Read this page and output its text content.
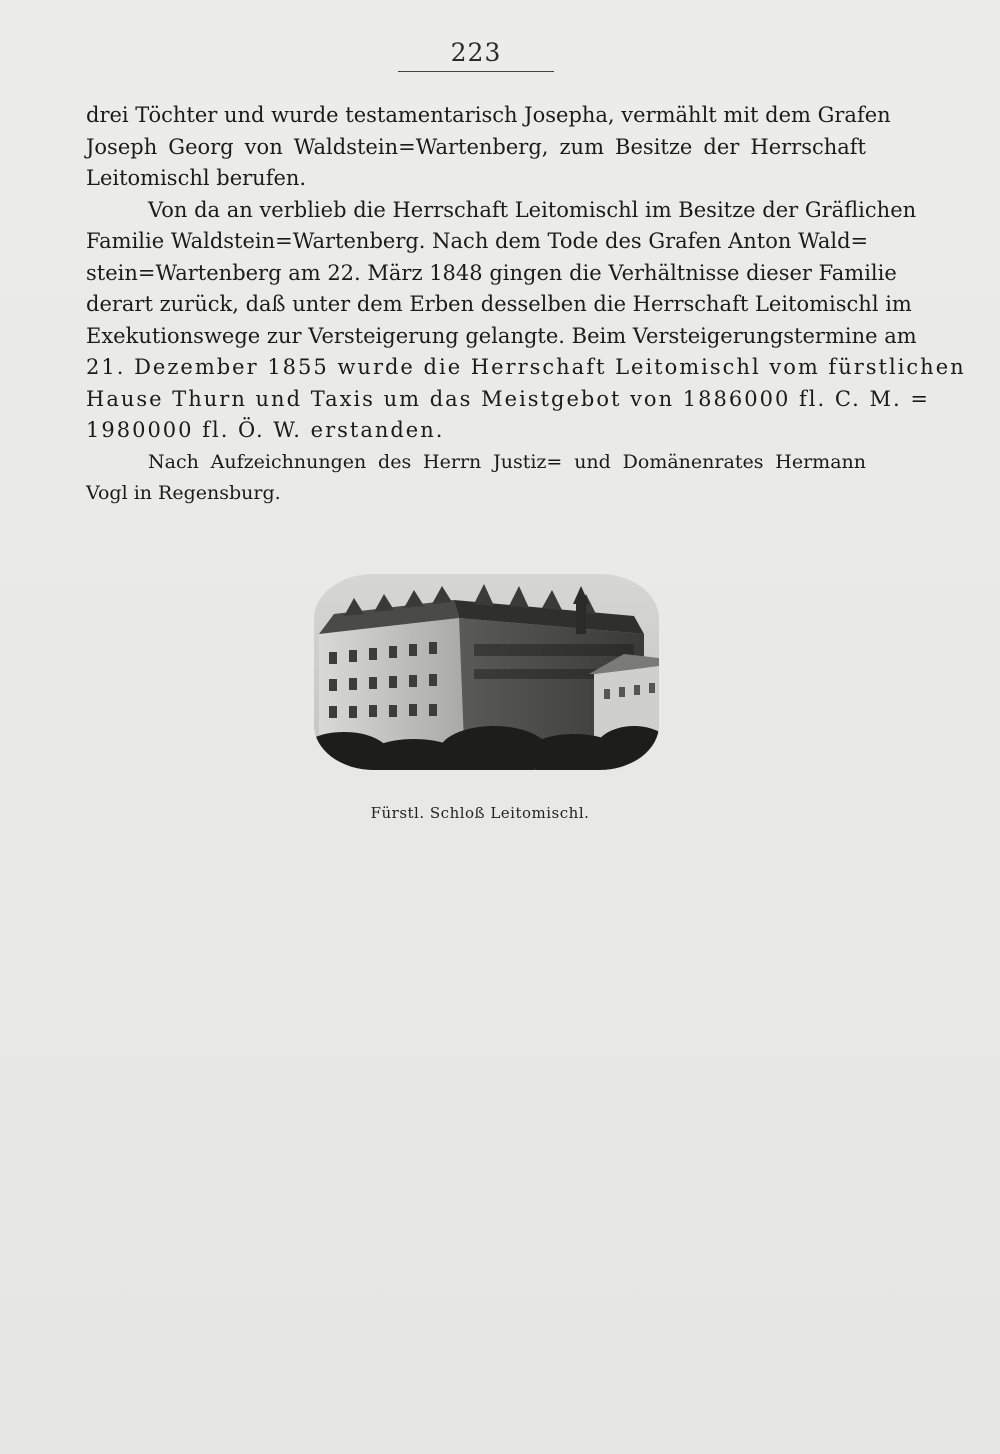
223
drei Töchter und wurde testamentarisch Josepha, vermählt mit dem Grafen
Joseph Georg von Waldstein=Wartenberg, zum Besitze der Herrschaft
Leitomischl berufen.
Von da an verblieb die Herrschaft Leitomischl im Besitze der Gräflichen
Familie Waldstein=Wartenberg. Nach dem Tode des Grafen Anton Wald=
stein=Wartenberg am 22. März 1848 gingen die Verhältnisse dieser Familie
derart zurück, daß unter dem Erben desselben die Herrschaft Leitomischl im
Exekutionswege zur Versteigerung gelangte. Beim Versteigerungstermine am
21. Dezember 1855 wurde die Herrschaft Leitomischl vom fürstlichen
Hause Thurn und Taxis um das Meistgebot von 1886000 fl. C. M. =
1980000 fl. Ö. W. erstanden.
Nach Aufzeichnungen des Herrn Justiz= und Domänenrates Hermann
Vogl in Regensburg.
Fürstl. Schloß Leitomischl.
